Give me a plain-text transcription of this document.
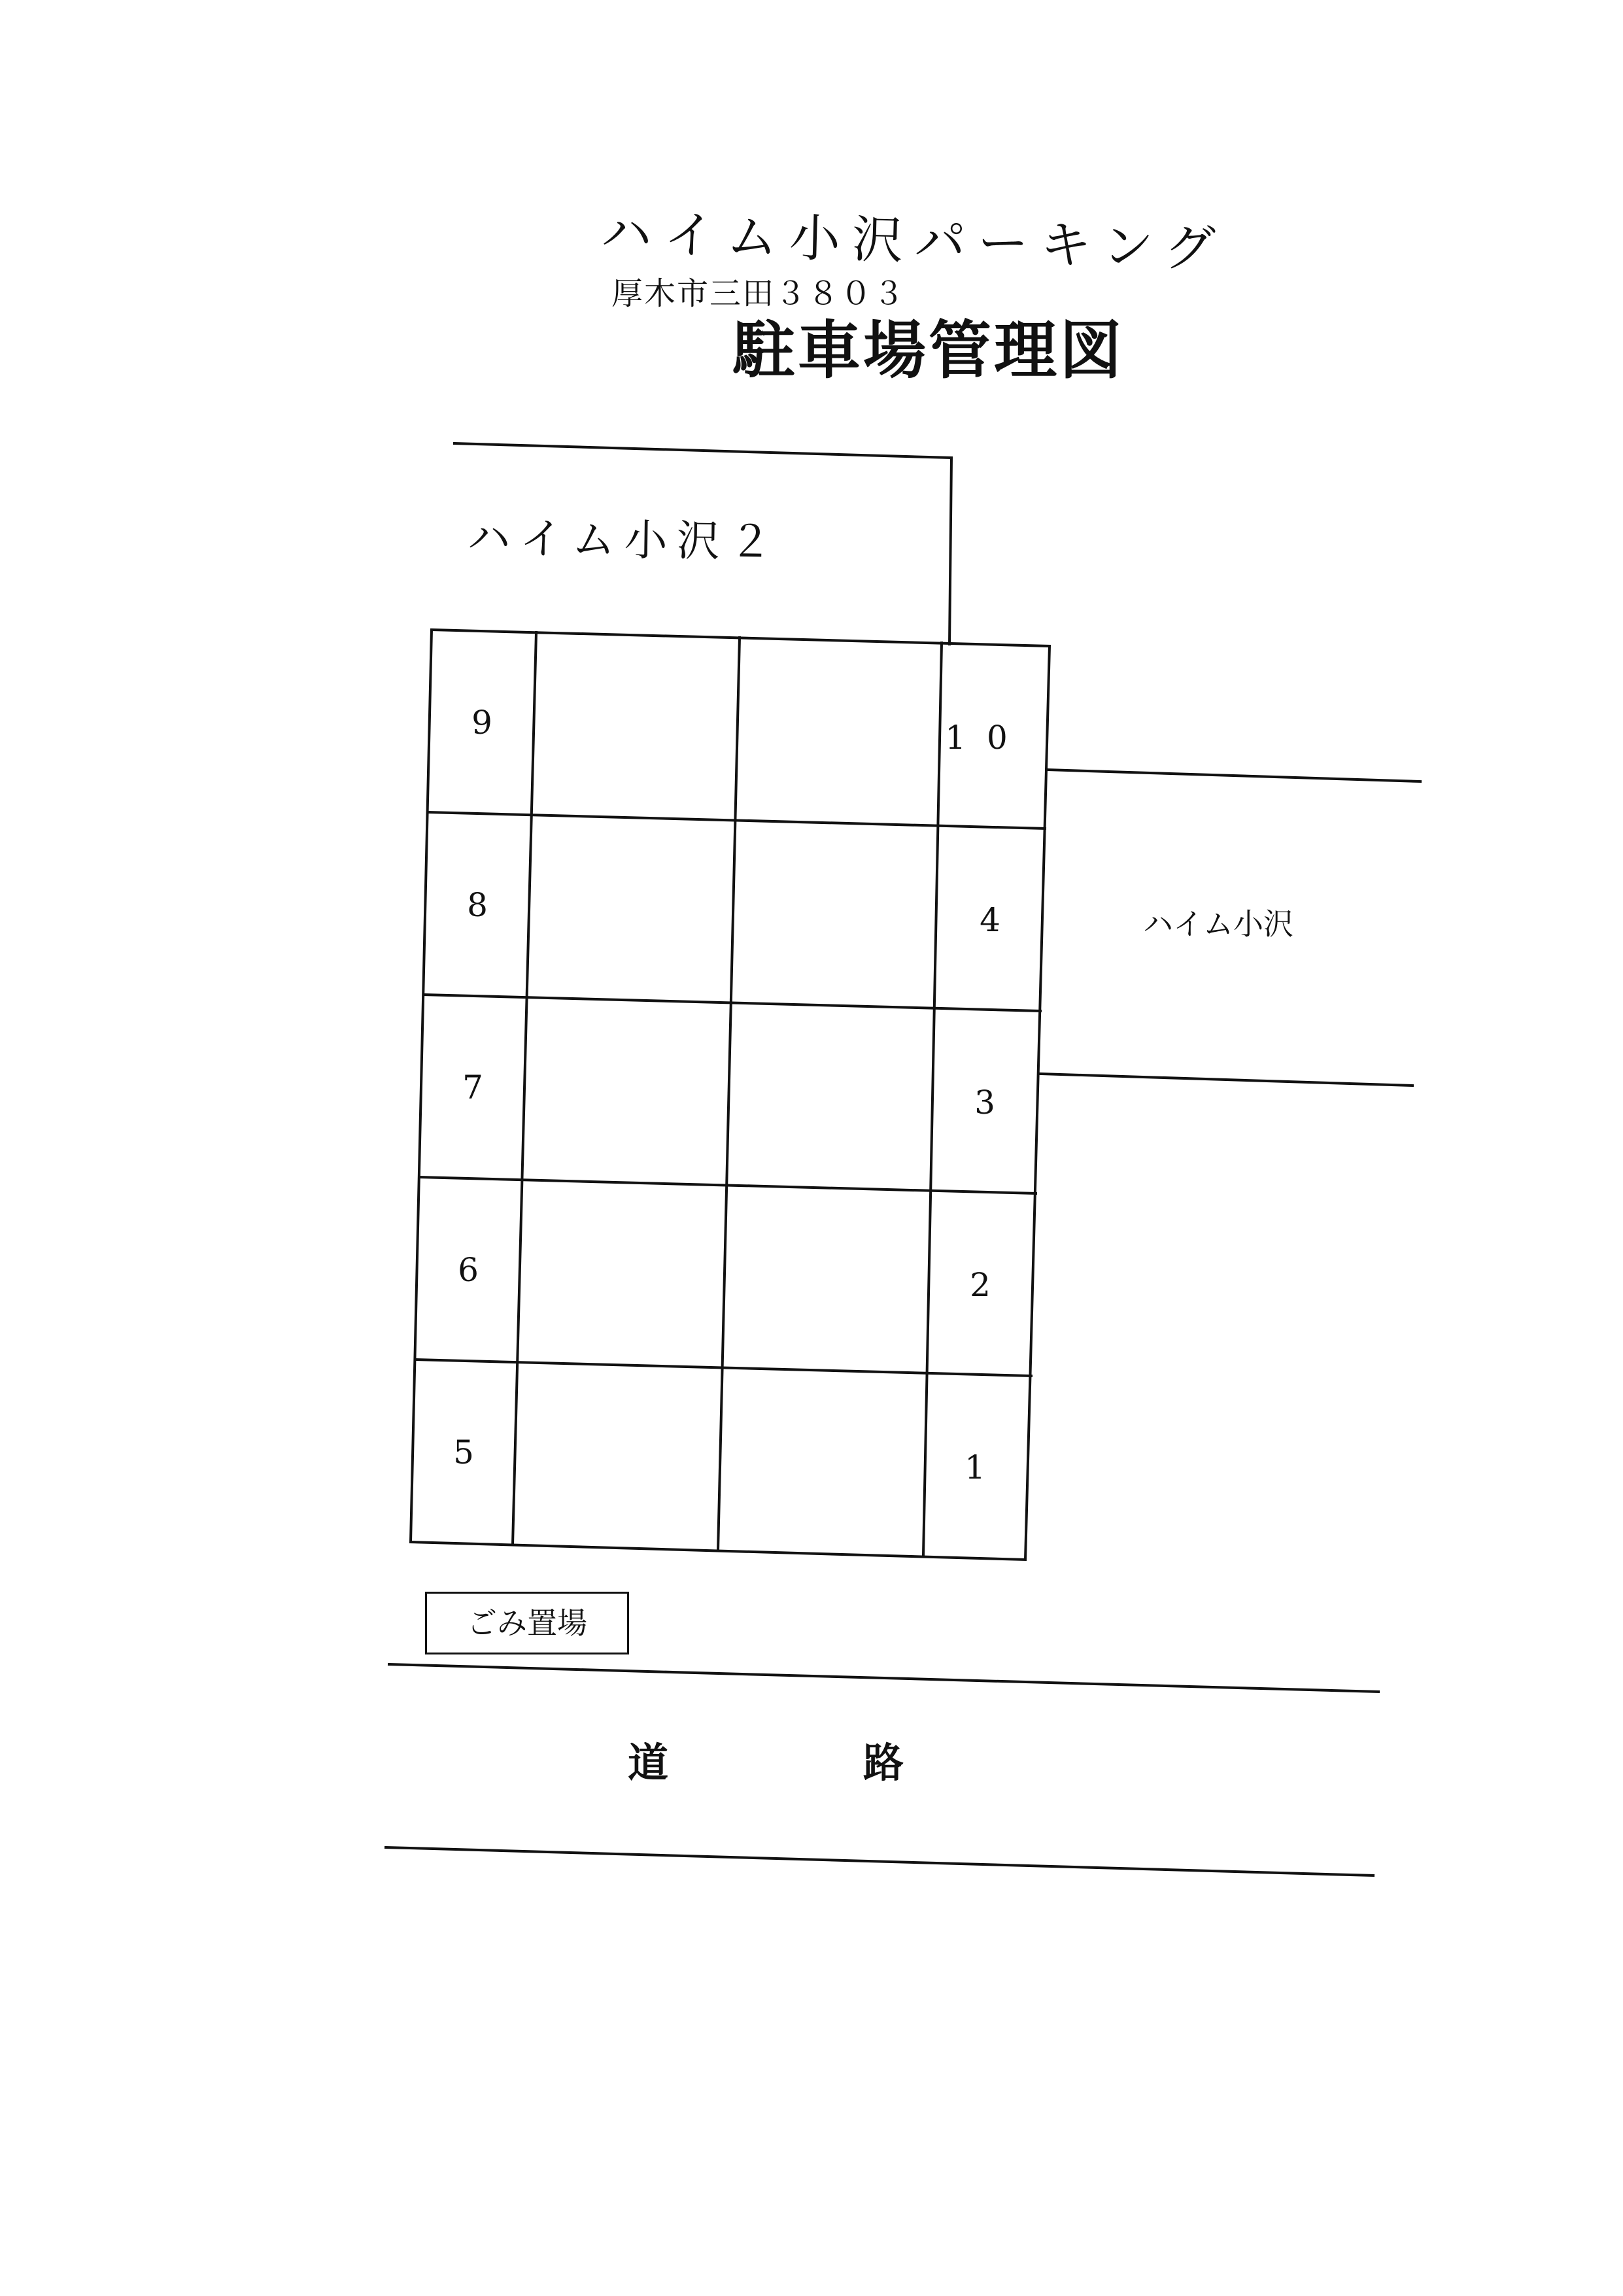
ハイム小沢パーキング
厚木市三田３８０３
駐車場管理図
ハイム小沢２
ハイム小沢
9
8
7
6
5
1 0
4
3
2
1
ごみ置場
道　路
